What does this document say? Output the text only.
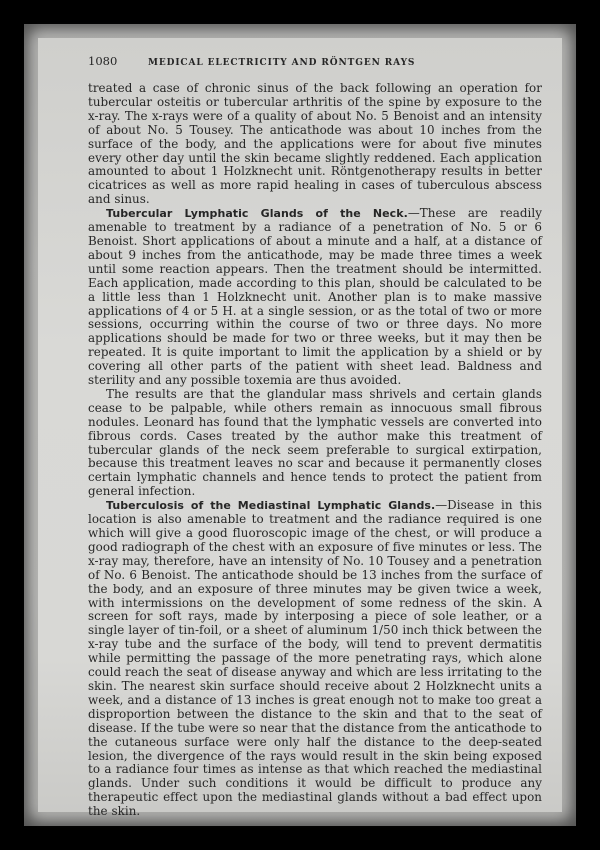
1080	MEDICAL ELECTRICITY AND RÖNTGEN RAYS

treated a case of chronic sinus of the back following an operation for tubercular osteitis or tubercular arthritis of the spine by exposure to the x-ray. The x-rays were of a quality of about No. 5 Benoist and an intensity of about No. 5 Tousey. The anticathode was about 10 inches from the surface of the body, and the applications were for about five minutes every other day until the skin became slightly reddened. Each application amounted to about 1 Holzknecht unit. Röntgenotherapy results in better cicatrices as well as more rapid healing in cases of tuberculous abscess and sinus.

Tubercular Lymphatic Glands of the Neck.—These are readily amenable to treatment by a radiance of a penetration of No. 5 or 6 Benoist. Short applications of about a minute and a half, at a distance of about 9 inches from the anticathode, may be made three times a week until some reaction appears. Then the treatment should be intermitted. Each application, made according to this plan, should be calculated to be a little less than 1 Holzknecht unit. Another plan is to make massive applications of 4 or 5 H. at a single session, or as the total of two or more sessions, occurring within the course of two or three days. No more applications should be made for two or three weeks, but it may then be repeated. It is quite important to limit the application by a shield or by covering all other parts of the patient with sheet lead. Baldness and sterility and any possible toxemia are thus avoided.

The results are that the glandular mass shrivels and certain glands cease to be palpable, while others remain as innocuous small fibrous nodules. Leonard has found that the lymphatic vessels are converted into fibrous cords. Cases treated by the author make this treatment of tubercular glands of the neck seem preferable to surgical extirpation, because this treatment leaves no scar and because it permanently closes certain lymphatic channels and hence tends to protect the patient from general infection.

Tuberculosis of the Mediastinal Lymphatic Glands.—Disease in this location is also amenable to treatment and the radiance required is one which will give a good fluoroscopic image of the chest, or will produce a good radiograph of the chest with an exposure of five minutes or less. The x-ray may, therefore, have an intensity of No. 10 Tousey and a penetration of No. 6 Benoist. The anticathode should be 13 inches from the surface of the body, and an exposure of three minutes may be given twice a week, with intermissions on the development of some redness of the skin. A screen for soft rays, made by interposing a piece of sole leather, or a single layer of tin-foil, or a sheet of aluminum 1/50 inch thick between the x-ray tube and the surface of the body, will tend to prevent dermatitis while permitting the passage of the more penetrating rays, which alone could reach the seat of disease anyway and which are less irritating to the skin. The nearest skin surface should receive about 2 Holzknecht units a week, and a distance of 13 inches is great enough not to make too great a disproportion between the distance to the skin and that to the seat of disease. If the tube were so near that the distance from the anticathode to the cutaneous surface were only half the distance to the deep-seated lesion, the divergence of the rays would result in the skin being exposed to a radiance four times as intense as that which reached the mediastinal glands. Under such conditions it would be difficult to produce any therapeutic effect upon the mediastinal glands without a bad effect upon the skin.
